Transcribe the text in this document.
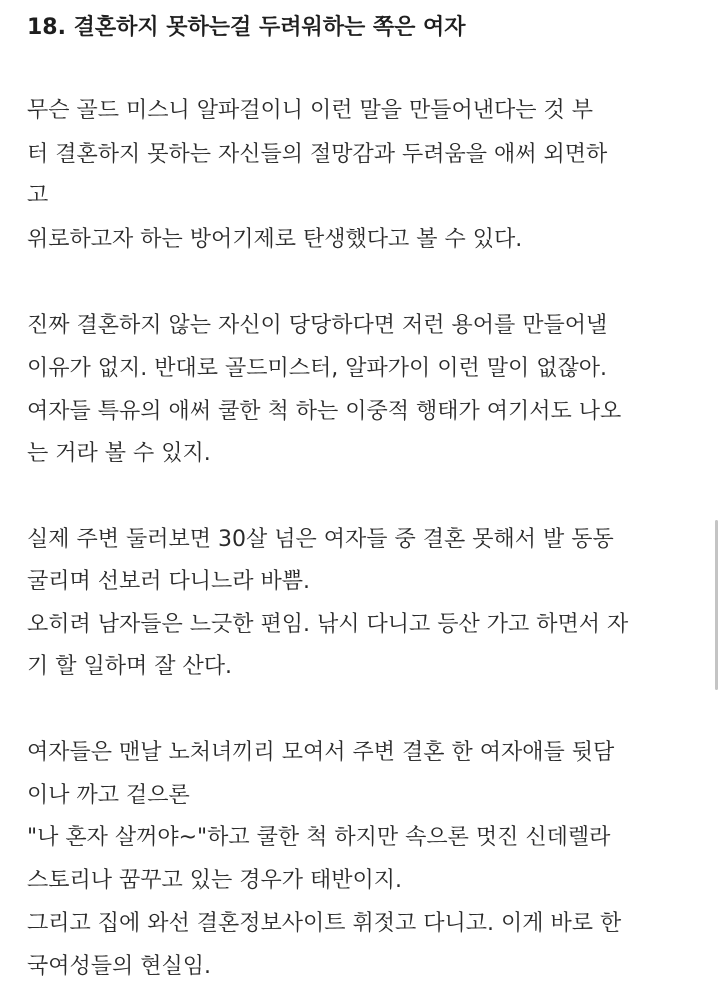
18. 결혼하지 못하는걸 두려워하는 쪽은 여자

무슨 골드 미스니 알파걸이니 이런 말을 만들어낸다는 것 부

터 결혼하지 못하는 자신들의 절망감과 두려움을 애써 외면하

고

위로하고자 하는 방어기제로 탄생했다고 볼 수 있다.

진짜 결혼하지 않는 자신이 당당하다면 저런 용어를 만들어낼

이유가 없지. 반대로 골드미스터, 알파가이 이런 말이 없잖아.

여자들 특유의 애써 쿨한 척 하는 이중적 행태가 여기서도 나오

는 거라 볼 수 있지.

실제 주변 둘러보면 30살 넘은 여자들 중 결혼 못해서 발 동동

굴리며 선보러 다니느라 바쁨.

오히려 남자들은 느긋한 편임. 낚시 다니고 등산 가고 하면서 자

기 할 일하며 잘 산다.

여자들은 맨날 노처녀끼리 모여서 주변 결혼 한 여자애들 뒷담

이나 까고 겉으론

"나 혼자 살꺼야~"하고 쿨한 척 하지만 속으론 멋진 신데렐라

스토리나 꿈꾸고 있는 경우가 태반이지.

그리고 집에 와선 결혼정보사이트 휘젓고 다니고. 이게 바로 한

국여성들의 현실임.
